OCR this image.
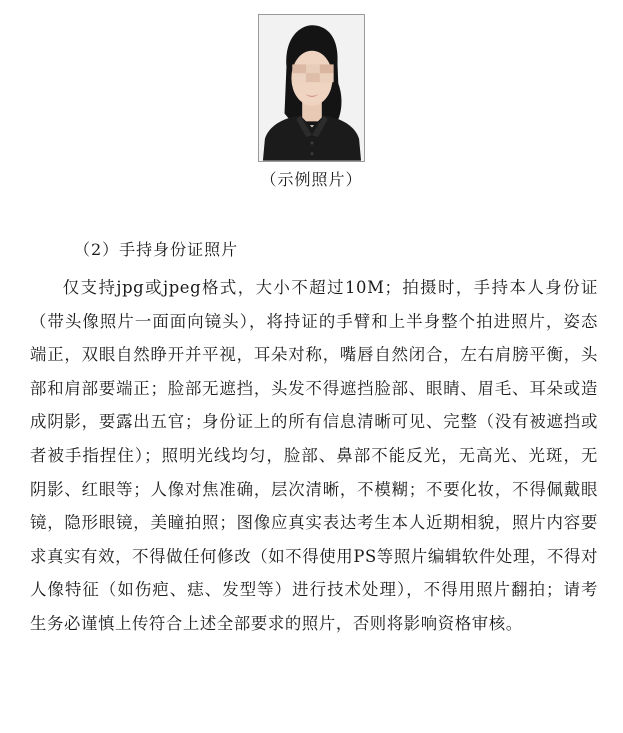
（示例照片）
（2）手持身份证照片

仅支持jpg或jpeg格式，大小不超过10M；拍摄时，手持本人身份证（带头像照片一面面向镜头），将持证的手臂和上半身整个拍进照片，姿态端正，双眼自然睁开并平视，耳朵对称，嘴唇自然闭合，左右肩膀平衡，头部和肩部要端正；脸部无遮挡，头发不得遮挡脸部、眼睛、眉毛、耳朵或造成阴影，要露出五官；身份证上的所有信息清晰可见、完整（没有被遮挡或者被手指捏住）；照明光线均匀，脸部、鼻部不能反光，无高光、光斑，无阴影、红眼等；人像对焦准确，层次清晰，不模糊；不要化妆，不得佩戴眼镜，隐形眼镜，美瞳拍照；图像应真实表达考生本人近期相貌，照片内容要求真实有效，不得做任何修改（如不得使用PS等照片编辑软件处理，不得对人像特征（如伤疤、痣、发型等）进行技术处理），不得用照片翻拍；请考生务必谨慎上传符合上述全部要求的照片，否则将影响资格审核。
